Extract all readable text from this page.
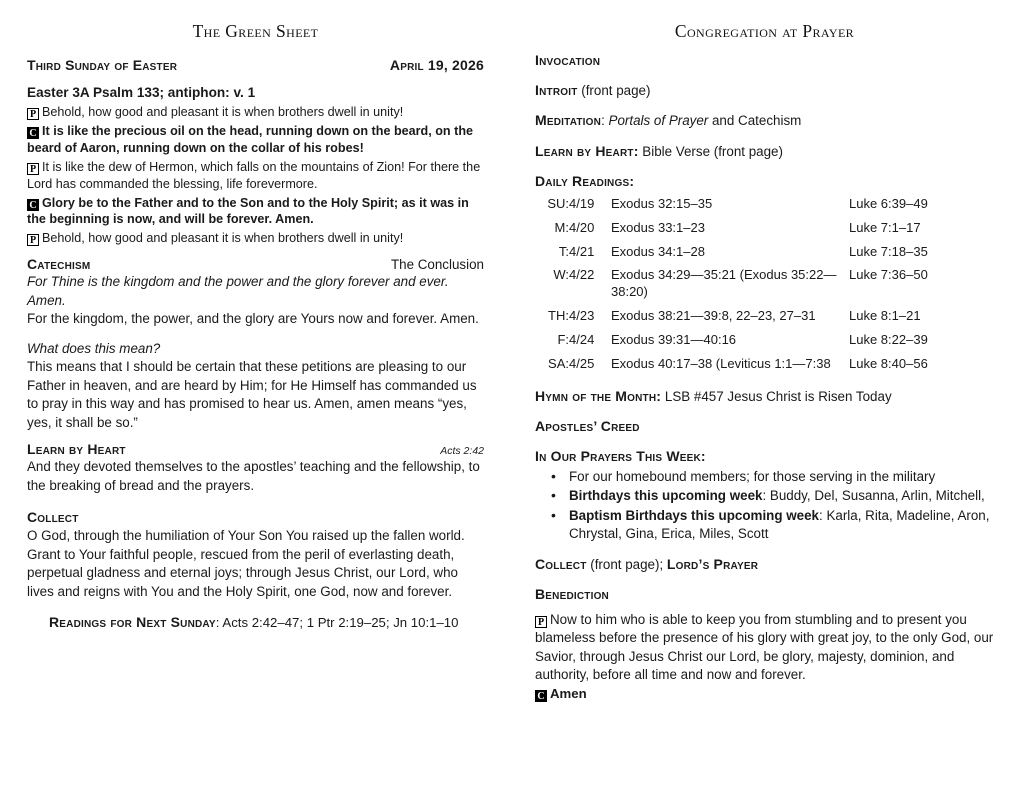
The Green Sheet
Third Sunday of Easter	April 19, 2026
Easter 3A Psalm 133; antiphon: v. 1
P Behold, how good and pleasant it is when brothers dwell in unity!
C It is like the precious oil on the head, running down on the beard, on the beard of Aaron, running down on the collar of his robes!
P It is like the dew of Hermon, which falls on the mountains of Zion! For there the Lord has commanded the blessing, life forevermore.
C Glory be to the Father and to the Son and to the Holy Spirit; as it was in the beginning is now, and will be forever. Amen.
P Behold, how good and pleasant it is when brothers dwell in unity!
Catechism	The Conclusion

For Thine is the kingdom and the power and the glory forever and ever. Amen.

For the kingdom, the power, and the glory are Yours now and forever. Amen.

What does this mean?

This means that I should be certain that these petitions are pleasing to our Father in heaven, and are heard by Him; for He Himself has commanded us to pray in this way and has promised to hear us. Amen, amen means “yes, yes, it shall be so.”

Learn by Heart	Acts 2:42

And they devoted themselves to the apostles’ teaching and the fellowship, to the breaking of bread and the prayers.

Collect

O God, through the humiliation of Your Son You raised up the fallen world. Grant to Your faithful people, rescued from the peril of everlasting death, perpetual gladness and eternal joys; through Jesus Christ, our Lord, who lives and reigns with You and the Holy Spirit, one God, now and forever.

Readings for Next Sunday: Acts 2:42–47; 1 Ptr 2:19–25; Jn 10:1–10
Congregation at Prayer
Invocation
Introit (front page)
Meditation: Portals of Prayer and Catechism
Learn by Heart: Bible Verse (front page)
Daily Readings:
SU:	4/19	Exodus 32:15–35	Luke 6:39–49
M:	4/20	Exodus 33:1–23	Luke 7:1–17
T:	4/21	Exodus 34:1–28	Luke 7:18–35
W:	4/22	Exodus 34:29—35:21 (Exodus 35:22—38:20)	Luke 7:36–50
TH:	4/23	Exodus 38:21—39:8, 22–23, 27–31	Luke 8:1–21
F:	4/24	Exodus 39:31—40:16	Luke 8:22–39
SA:	4/25	Exodus 40:17–38 (Leviticus 1:1—7:38	Luke 8:40–56
Hymn of the Month: LSB #457 Jesus Christ is Risen Today
Apostles’ Creed
In Our Prayers This Week:
• For our homebound members; for those serving in the military
• Birthdays this upcoming week: Buddy, Del, Susanna, Arlin, Mitchell,
• Baptism Birthdays this upcoming week: Karla, Rita, Madeline, Aron, Chrystal, Gina, Erica, Miles, Scott
Collect (front page); Lord’s Prayer
Benediction

P Now to him who is able to keep you from stumbling and to present you blameless before the presence of his glory with great joy, to the only God, our Savior, through Jesus Christ our Lord, be glory, majesty, dominion, and authority, before all time and now and forever.

C Amen
